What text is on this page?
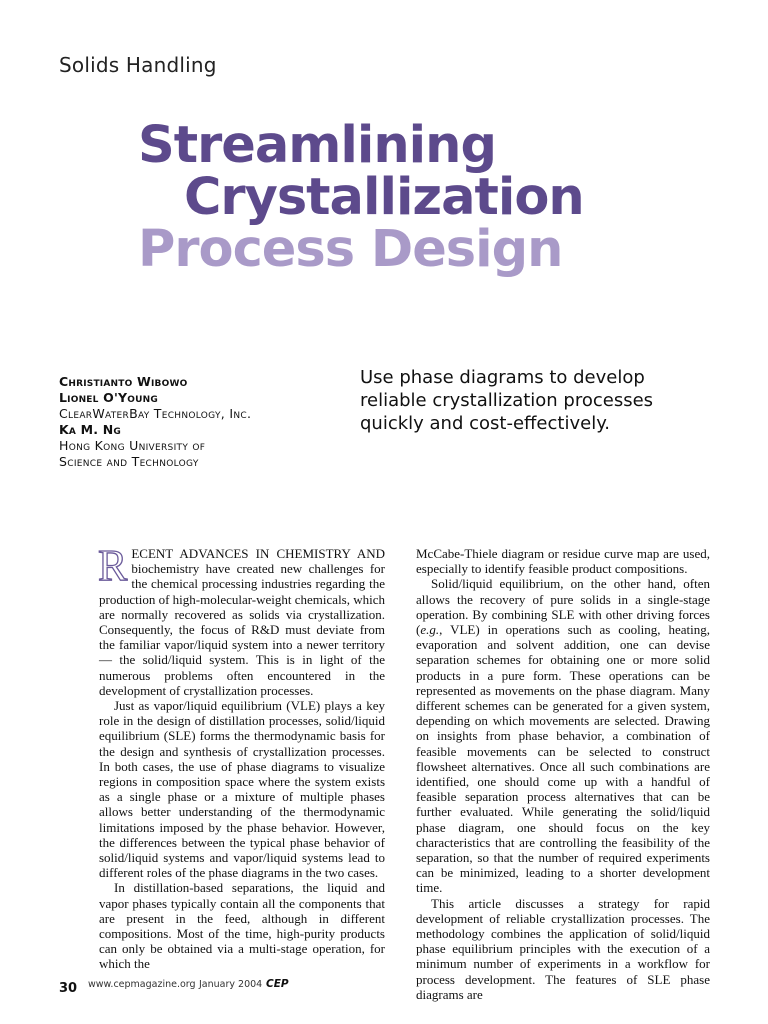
Solids Handling
Streamlining
Crystallization
Process Design
Christianto Wibowo
Lionel O'Young
ClearWaterBay Technology, Inc.
Ka M. Ng
Hong Kong University of
Science and Technology
Use phase diagrams to develop reliable crystallization processes quickly and cost-effectively.

RECENT ADVANCES IN CHEMISTRY AND biochemistry have created new challenges for the chemical processing industries regarding the production of high-molecular-weight chemicals, which are normally recovered as solids via crystallization. Consequently, the focus of R&D must deviate from the familiar vapor/liquid system into a newer territory — the solid/liquid system. This is in light of the numerous problems often encountered in the development of crystallization processes.

Just as vapor/liquid equilibrium (VLE) plays a key role in the design of distillation processes, solid/liquid equilibrium (SLE) forms the thermodynamic basis for the design and synthesis of crystallization processes. In both cases, the use of phase diagrams to visualize regions in composition space where the system exists as a single phase or a mixture of multiple phases allows better understanding of the thermodynamic limitations imposed by the phase behavior. However, the differences between the typical phase behavior of solid/liquid systems and vapor/liquid systems lead to different roles of the phase diagrams in the two cases.

In distillation-based separations, the liquid and vapor phases typically contain all the components that are present in the feed, although in different compositions. Most of the time, high-purity products can only be obtained via a multi-stage operation, for which the

McCabe-Thiele diagram or residue curve map are used, especially to identify feasible product compositions.

Solid/liquid equilibrium, on the other hand, often allows the recovery of pure solids in a single-stage operation. By combining SLE with other driving forces (e.g., VLE) in operations such as cooling, heating, evaporation and solvent addition, one can devise separation schemes for obtaining one or more solid products in a pure form. These operations can be represented as movements on the phase diagram. Many different schemes can be generated for a given system, depending on which movements are selected. Drawing on insights from phase behavior, a combination of feasible movements can be selected to construct flowsheet alternatives. Once all such combinations are identified, one should come up with a handful of feasible separation process alternatives that can be further evaluated. While generating the solid/liquid phase diagram, one should focus on the key characteristics that are controlling the feasibility of the separation, so that the number of required experiments can be minimized, leading to a shorter development time.

This article discusses a strategy for rapid development of reliable crystallization processes. The methodology combines the application of solid/liquid phase equilibrium principles with the execution of a minimum number of experiments in a workflow for process development. The features of SLE phase diagrams are

30 www.cepmagazine.org January 2004 CEP
